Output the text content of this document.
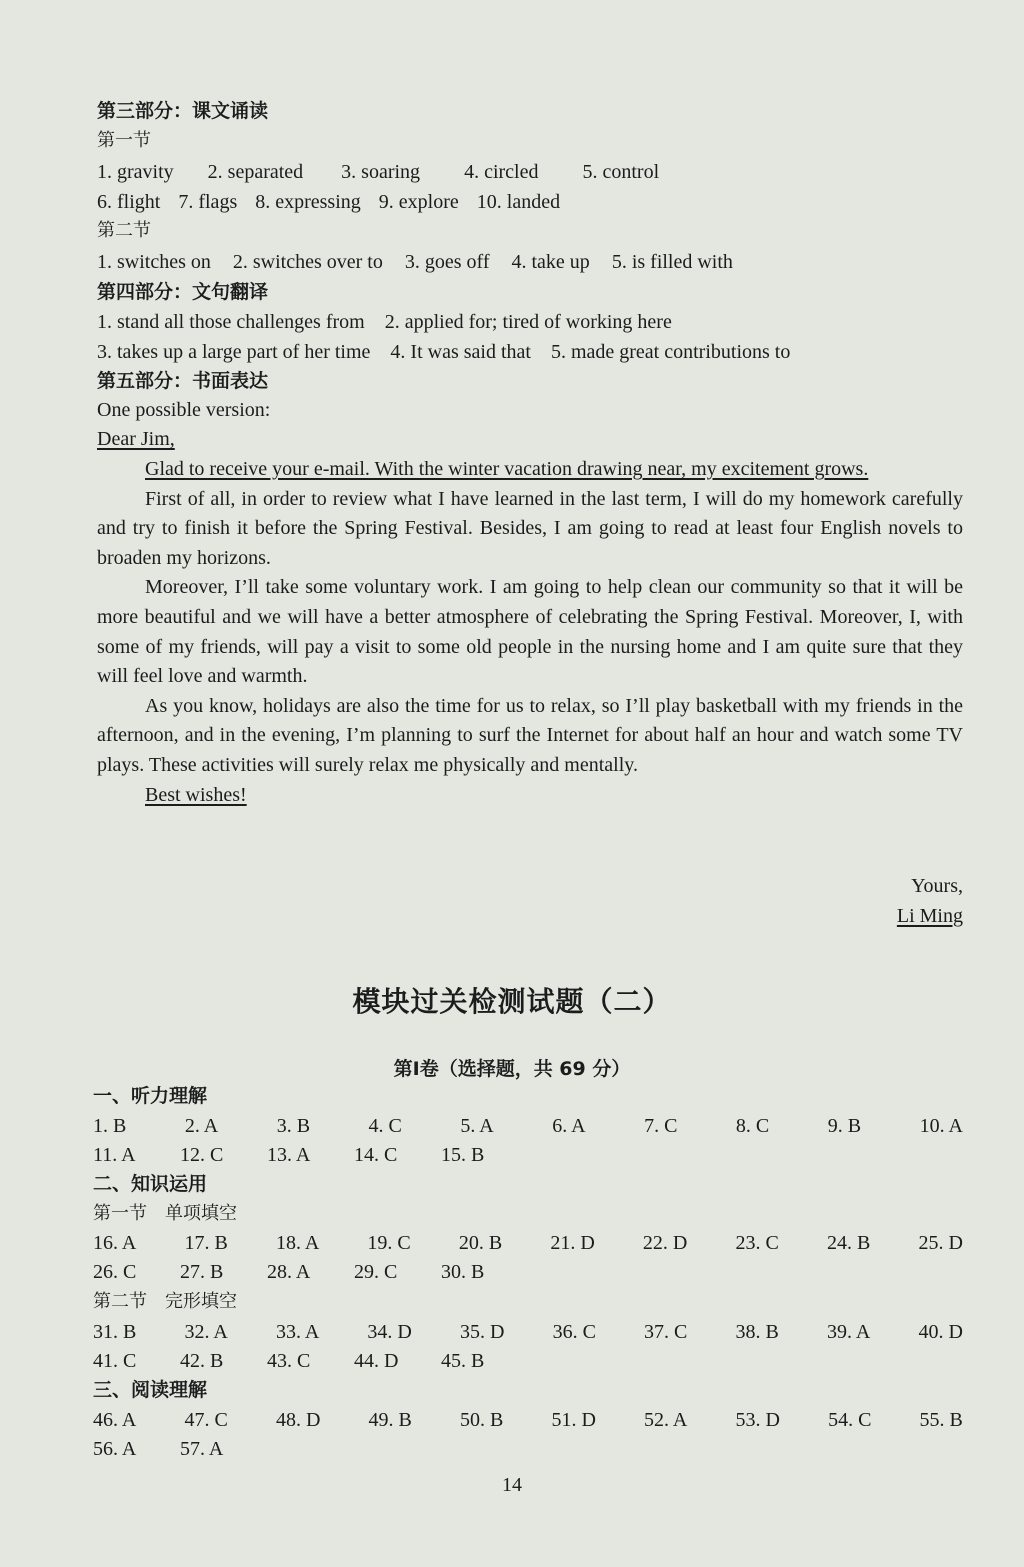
第三部分：课文诵读
第一节
1. gravity 2. separated 3. soaring 4. circled 5. control
6. flight 7. flags 8. expressing 9. explore 10. landed
第二节
1. switches on 2. switches over to 3. goes off 4. take up 5. is filled with
第四部分：文句翻译
1. stand all those challenges from 2. applied for; tired of working here
3. takes up a large part of her time 4. It was said that 5. made great contributions to
第五部分：书面表达
One possible version:
Dear Jim,

Glad to receive your e-mail. With the winter vacation drawing near, my excitement grows.

First of all, in order to review what I have learned in the last term, I will do my homework carefully and try to finish it before the Spring Festival. Besides, I am going to read at least four English novels to broaden my horizons.

Moreover, I’ll take some voluntary work. I am going to help clean our community so that it will be more beautiful and we will have a better atmosphere of celebrating the Spring Festival. Moreover, I, with some of my friends, will pay a visit to some old people in the nursing home and I am quite sure that they will feel love and warmth.

As you know, holidays are also the time for us to relax, so I’ll play basketball with my friends in the afternoon, and in the evening, I’m planning to surf the Internet for about half an hour and watch some TV plays. These activities will surely relax me physically and mentally.

Best wishes!

Yours,
Li Ming
模块过关检测试题（二）
第Ⅰ卷（选择题，共 69 分）
一、听力理解
1. B	2. A	3. B	4. C	5. A	6. A	7. C	8. C	9. B	10. A
11. A	12. C	13. A	14. C	15. B
二、知识运用
第一节　单项填空
16. A 17. B 18. A 19. C 20. B 21. D 22. D 23. C 24. B 25. D
26. C	27. B	28. A	29. C	30. B
第二节　完形填空
31. B 32. A 33. A 34. D 35. D 36. C 37. C 38. B 39. A 40. D
41. C	42. B	43. C	44. D	45. B
三、阅读理解
46. A 47. C 48. D 49. B 50. B 51. D 52. A 53. D 54. C 55. B
56. A	57. A
14
